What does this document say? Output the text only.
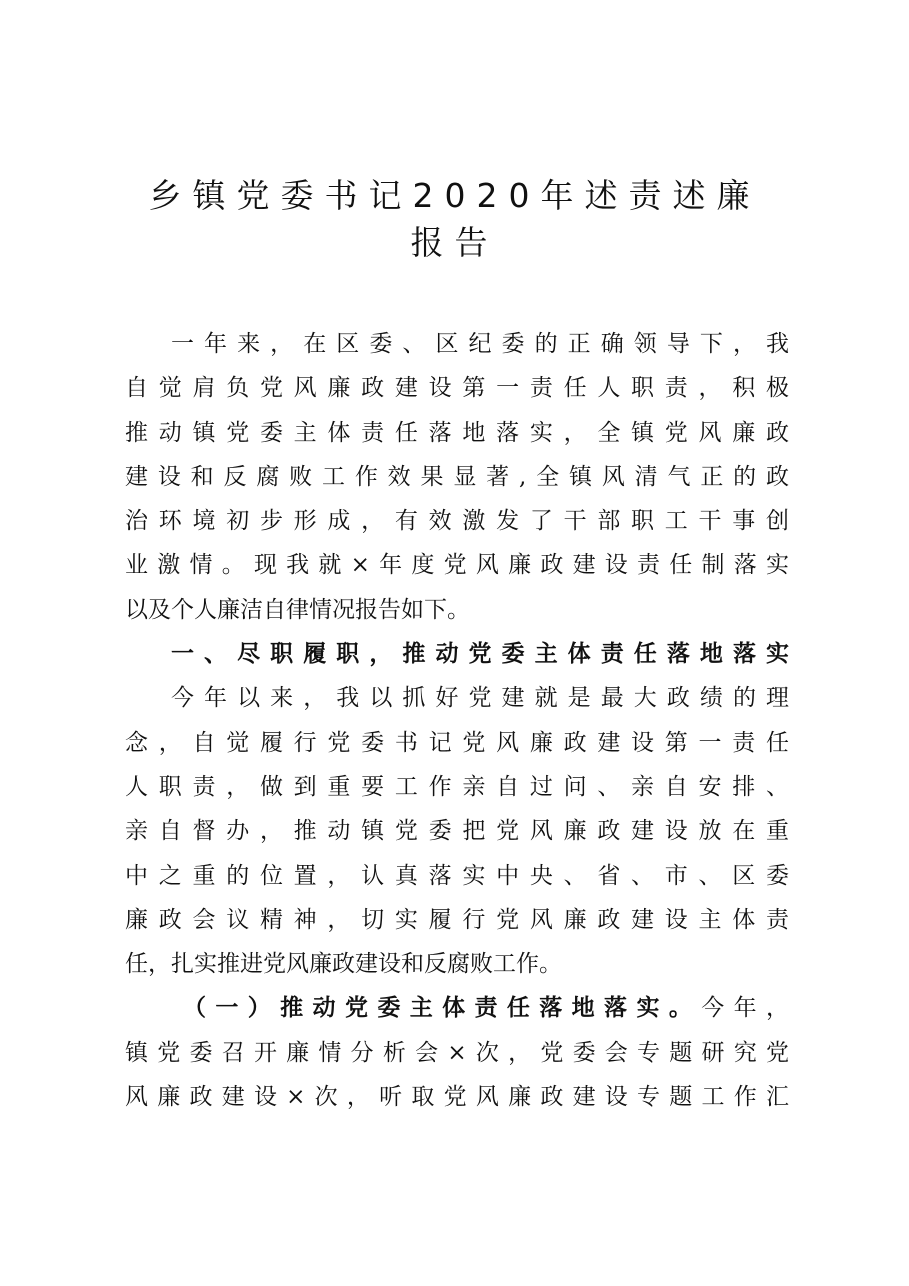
乡镇党委书记2020年述责述廉
报告
一年来，在区委、区纪委的正确领导下，我
自觉肩负党风廉政建设第一责任人职责，积极
推动镇党委主体责任落地落实，全镇党风廉政
建设和反腐败工作效果显著,全镇风清气正的政
治环境初步形成，有效激发了干部职工干事创
业激情。现我就×年度党风廉政建设责任制落实
以及个人廉洁自律情况报告如下。
一、尽职履职，推动党委主体责任落地落实
今年以来，我以抓好党建就是最大政绩的理
念，自觉履行党委书记党风廉政建设第一责任
人职责，做到重要工作亲自过问、亲自安排、
亲自督办，推动镇党委把党风廉政建设放在重
中之重的位置，认真落实中央、省、市、区委
廉政会议精神，切实履行党风廉政建设主体责
任，扎实推进党风廉政建设和反腐败工作。
（一）推动党委主体责任落地落实。今年，
镇党委召开廉情分析会×次，党委会专题研究党
风廉政建设×次，听取党风廉政建设专题工作汇
